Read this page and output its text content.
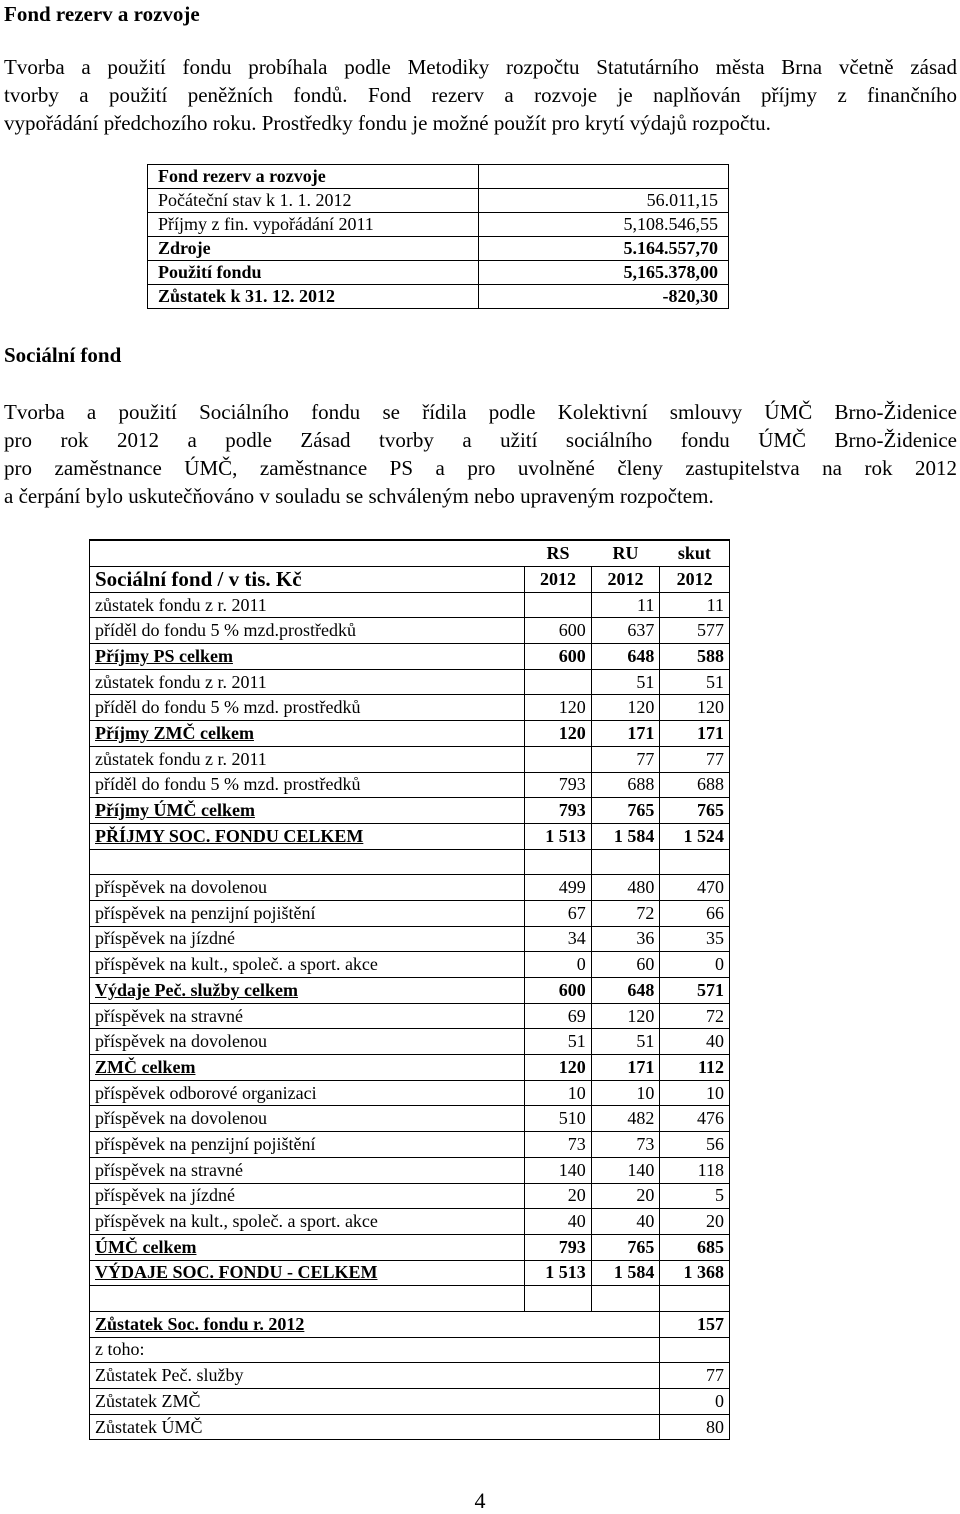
Fond rezerv a rozvoje
Tvorba a použití fondu probíhala podle Metodiky rozpočtu Statutárního města Brna včetně zásad
tvorby a použití peněžních fondů. Fond rezerv a rozvoje je naplňován příjmy z finančního
vypořádání předchozího roku. Prostředky fondu je možné použít pro krytí výdajů rozpočtu.
Fond rezerv a rozvoje	
Počáteční stav k 1. 1. 2012	56.011,15
Příjmy z fin. vypořádání 2011	5,108.546,55
Zdroje	5.164.557,70
Použití fondu	5,165.378,00
Zůstatek k 31. 12. 2012	-820,30
Sociální fond
Tvorba a použití Sociálního fondu se řídila podle Kolektivní smlouvy ÚMČ Brno-Židenice
pro rok 2012 a podle Zásad tvorby a užití sociálního fondu ÚMČ Brno-Židenice
pro zaměstnance ÚMČ, zaměstnance PS a pro uvolněné členy zastupitelstva na rok 2012
a čerpání bylo uskutečňováno v souladu se schváleným nebo upraveným rozpočtem.
	RS	RU	skut
Sociální fond / v tis. Kč	2012	2012	2012
zůstatek fondu z r. 2011		11	11
příděl do fondu 5 % mzd.prostředků	600	637	577
Příjmy PS celkem	600	648	588
zůstatek fondu z r. 2011		51	51
příděl do fondu 5 % mzd. prostředků	120	120	120
Příjmy ZMČ celkem	120	171	171
zůstatek fondu z r. 2011		77	77
příděl do fondu 5 % mzd. prostředků	793	688	688
Příjmy ÚMČ celkem	793	765	765
PŘÍJMY SOC. FONDU CELKEM	1 513	1 584	1 524

příspěvek na dovolenou	499	480	470
příspěvek na penzijní pojištění	67	72	66
příspěvek na jízdné	34	36	35
příspěvek na kult., společ. a sport. akce	0	60	0
Výdaje Peč. služby celkem	600	648	571
příspěvek na stravné	69	120	72
příspěvek na dovolenou	51	51	40
ZMČ celkem	120	171	112
příspěvek odborové organizaci	10	10	10
příspěvek na dovolenou	510	482	476
příspěvek na penzijní pojištění	73	73	56
příspěvek na stravné	140	140	118
příspěvek na jízdné	20	20	5
příspěvek na kult., společ. a sport. akce	40	40	20
ÚMČ celkem	793	765	685
VÝDAJE SOC. FONDU - CELKEM	1 513	1 584	1 368

Zůstatek Soc. fondu r. 2012			157
z toho:			
Zůstatek Peč. služby			77
Zůstatek ZMČ			0
Zůstatek ÚMČ			80
4
